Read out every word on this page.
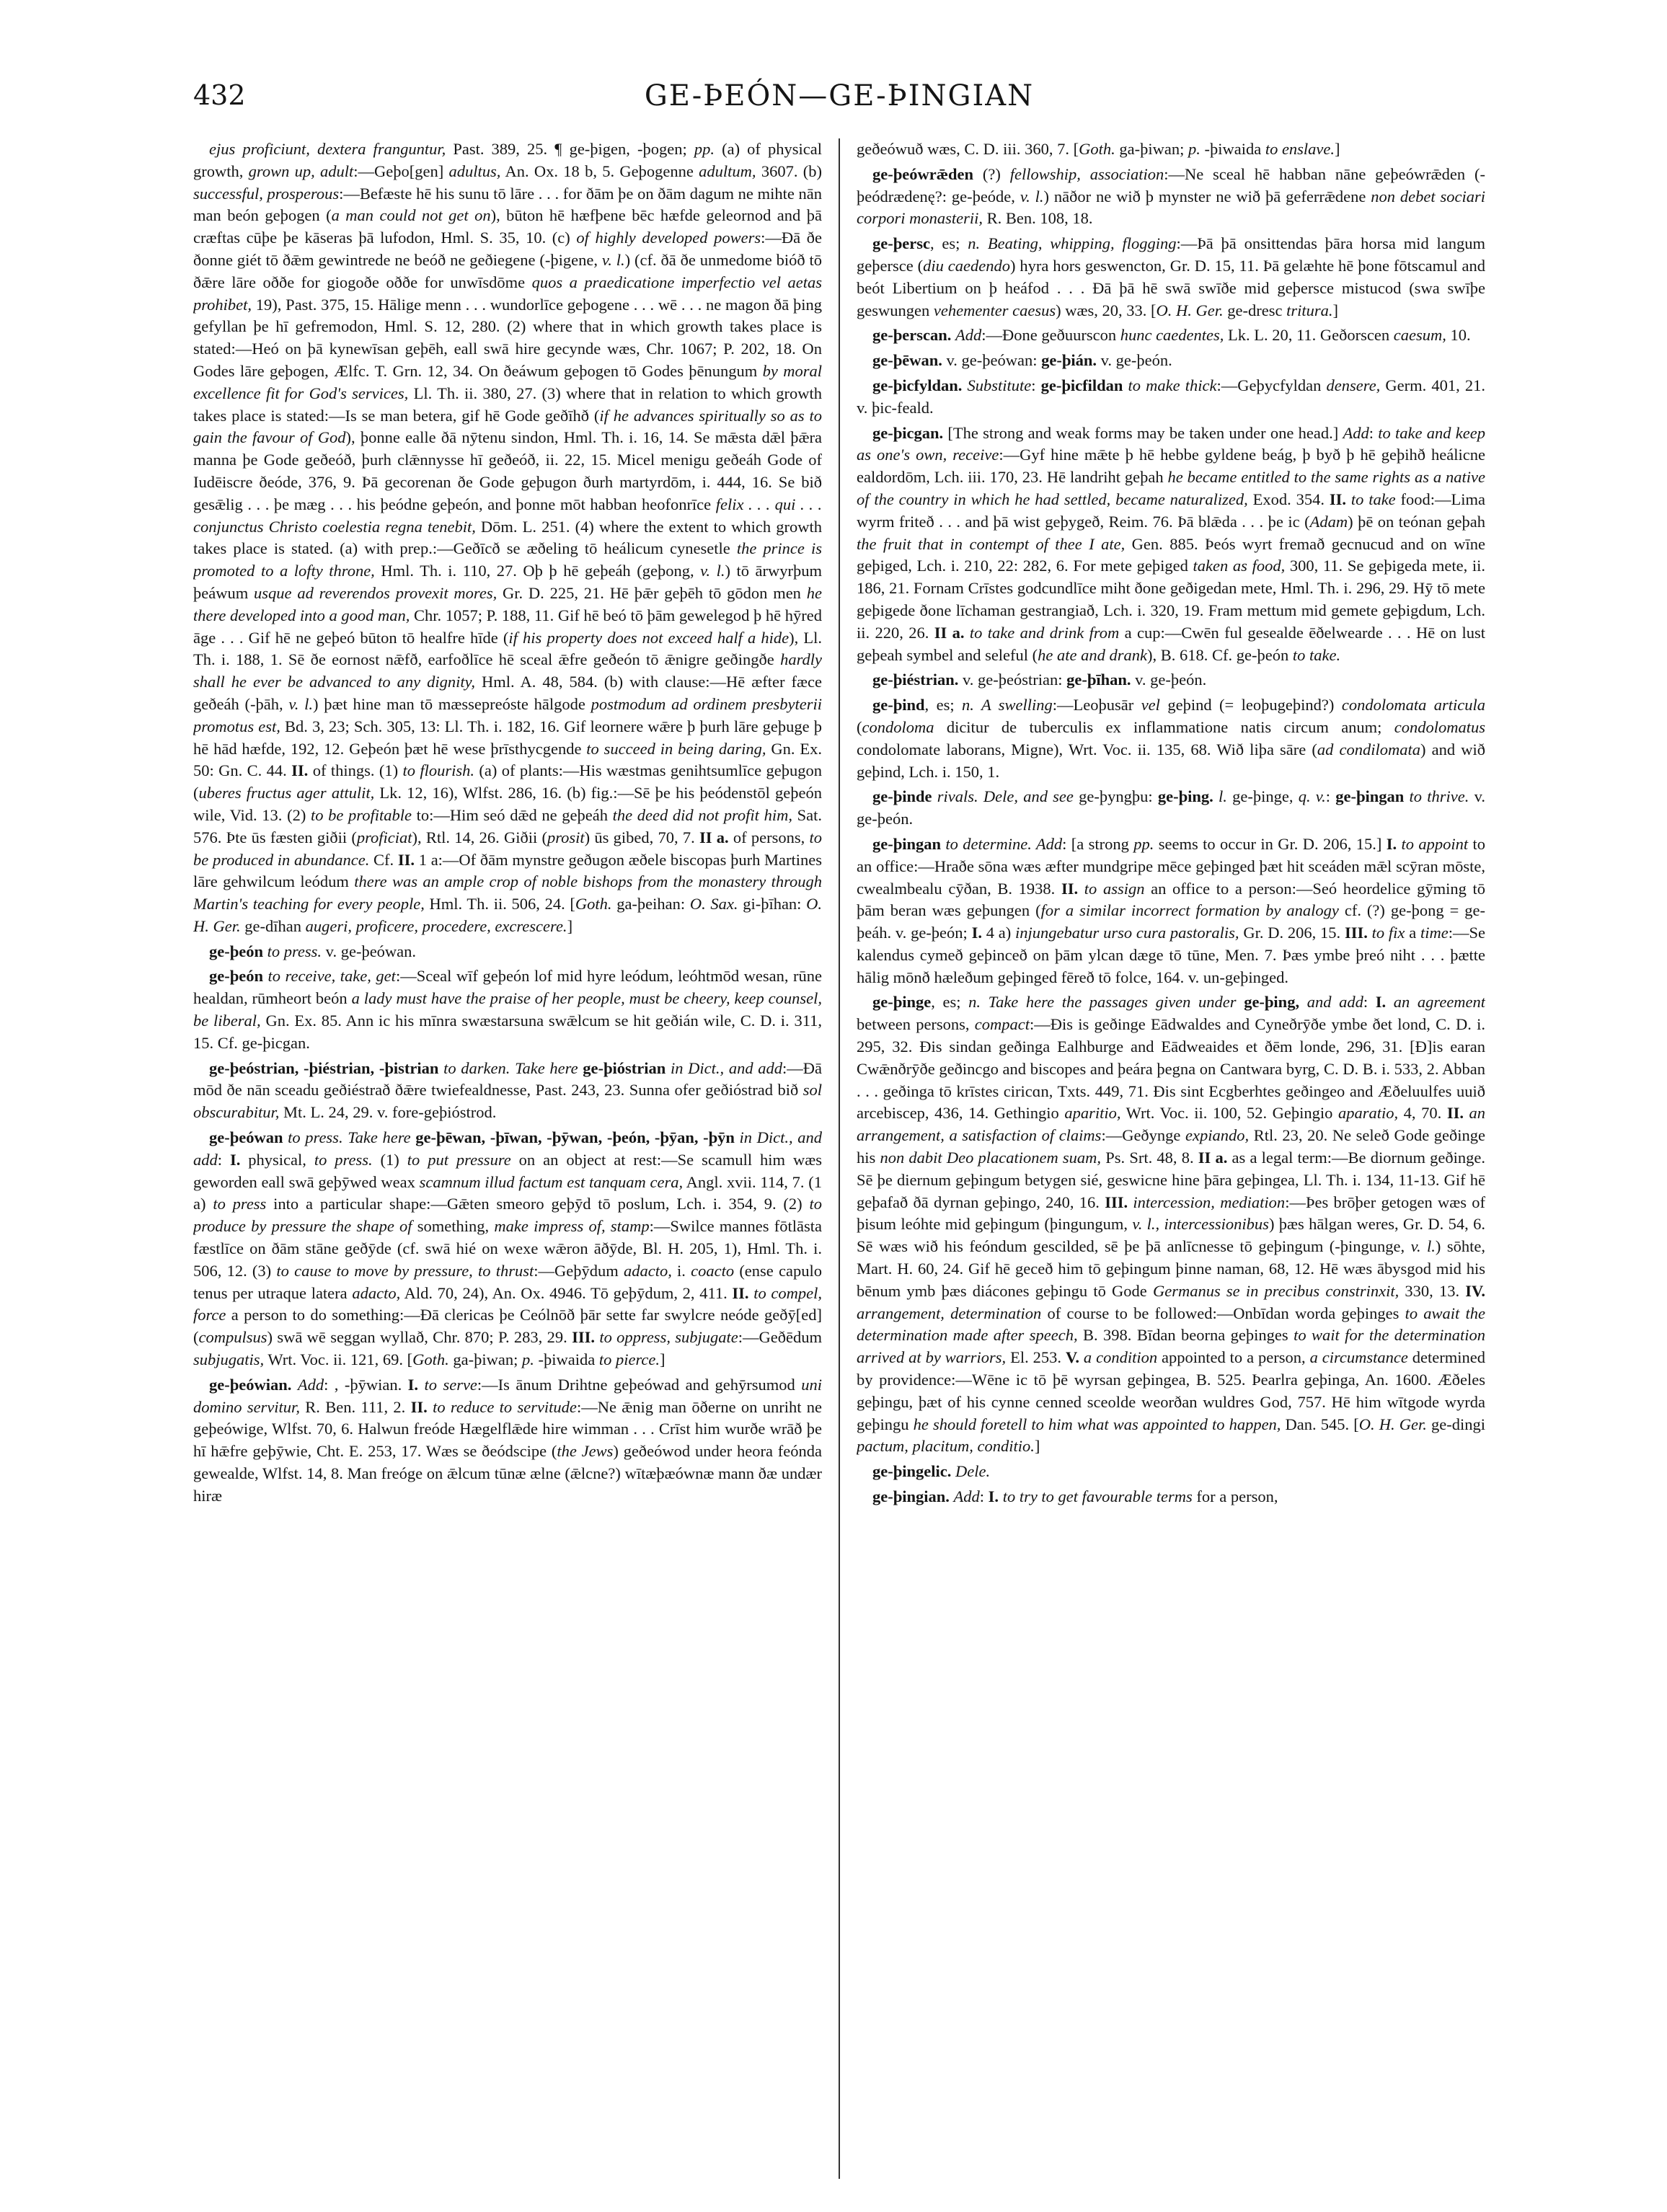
432	GE-ÞEÓN—GE-ÞINGIAN

ejus proficiunt, dextera franguntur, Past. 389, 25. ¶ ge-þigen, -þogen; pp. (a) of physical growth, grown up, adult:—Geþo[gen] adultus, An. Ox. 18 b, 5. Geþogenne adultum, 3607. (b) successful, prosperous:—Befæste hē his sunu tō lāre . . . for ðām þe on ðām dagum ne mihte nān man beón geþogen (a man could not get on), būton hē hæfþene bēc hæfde geleornod and þā cræftas cūþe þe kāseras þā lufodon, Hml. S. 35, 10. (c) of highly developed powers:—Ðā ðe ðonne giét tō ðǣm gewintrede ne beóð ne geðiegene (-þigene, v. l.) (cf. ðā ðe unmedome bióð tō ðǣre lāre oððe for giogoðe oððe for unwīsdōme quos a praedicatione imperfectio vel aetas prohibet, 19), Past. 375, 15. Hālige menn . . . wundorlīce geþogene . . . wē . . . ne magon ðā þing gefyllan þe hī gefremodon, Hml. S. 12, 280. (2) where that in which growth takes place is stated:—Heó on þā kynewīsan geþēh, eall swā hire gecynde wæs, Chr. 1067; P. 202, 18. On Godes lāre geþogen, Ælfc. T. Grn. 12, 34. On ðeáwum geþogen tō Godes þēnungum by moral excellence fit for God's services, Ll. Th. ii. 380, 27. (3) where that in relation to which growth takes place is stated:—Is se man betera, gif hē Gode geðīhð (if he advances spiritually so as to gain the favour of God), þonne ealle ðā nȳtenu sindon, Hml. Th. i. 16, 14. Se mǣsta dǣl þǣra manna þe Gode geðeóð, þurh clǣnnysse hī geðeóð, ii. 22, 15. Micel menigu geðeáh Gode of Iudēiscre ðeóde, 376, 9. Þā gecorenan ðe Gode geþugon ðurh martyrdōm, i. 444, 16. Se bið gesǣlig . . . þe mæg . . . his þeódne geþeón, and þonne mōt habban heofonrīce felix . . . qui . . . conjunctus Christo coelestia regna tenebit, Dōm. L. 251. (4) where the extent to which growth takes place is stated. (a) with prep.:—Geðīcð se æðeling tō heálicum cynesetle the prince is promoted to a lofty throne, Hml. Th. i. 110, 27. Oþ þ hē geþeáh (geþong, v. l.) tō ārwyrþum þeáwum usque ad reverendos provexit mores, Gr. D. 225, 21. Hē þǣr geþēh tō gōdon men he there developed into a good man, Chr. 1057; P. 188, 11. Gif hē beó tō þām gewelegod þ hē hȳred āge . . . Gif hē ne geþeó būton tō healfre hīde (if his property does not exceed half a hide), Ll. Th. i. 188, 1. Sē ðe eornost nǣfð, earfoðlīce hē sceal ǣfre geðeón tō ǣnigre geðingðe hardly shall he ever be advanced to any dignity, Hml. A. 48, 584. (b) with clause:—Hē æfter fæce geðeáh (-þāh, v. l.) þæt hine man tō mæssepreóste hālgode postmodum ad ordinem presbyterii promotus est, Bd. 3, 23; Sch. 305, 13: Ll. Th. i. 182, 16. Gif leornere wǣre þ þurh lāre geþuge þ hē hād hæfde, 192, 12. Geþeón þæt hē wese þrīsthycgende to succeed in being daring, Gn. Ex. 50: Gn. C. 44. II. of things. (1) to flourish. (a) of plants:—His wæstmas genihtsumlīce geþugon (uberes fructus ager attulit, Lk. 12, 16), Wlfst. 286, 16. (b) fig.:—Sē þe his þeódenstōl geþeón wile, Vid. 13. (2) to be profitable to:—Him seó dǣd ne geþeáh the deed did not profit him, Sat. 576. Þte ūs fæsten giðii (proficiat), Rtl. 14, 26. Giðii (prosit) ūs gibed, 70, 7. II a. of persons, to be produced in abundance. Cf. II. 1 a:—Of ðām mynstre geðugon æðele biscopas þurh Martines lāre gehwilcum leódum there was an ample crop of noble bishops from the monastery through Martin's teaching for every people, Hml. Th. ii. 506, 24. [Goth. ga-þeihan: O. Sax. gi-þīhan: O. H. Ger. ge-dīhan augeri, proficere, procedere, excrescere.]

ge-þeón to press. v. ge-þeówan.

ge-þeón to receive, take, get:—Sceal wīf geþeón lof mid hyre leódum, leóhtmōd wesan, rūne healdan, rūmheort beón a lady must have the praise of her people, must be cheery, keep counsel, be liberal, Gn. Ex. 85. Ann ic his mīnra swæstarsuna swǣlcum se hit geðián wile, C. D. i. 311, 15. Cf. ge-þicgan.

ge-þeóstrian, -þiéstrian, -þistrian to darken. Take here ge-þióstrian in Dict., and add:—Ðā mōd ðe nān sceadu geðiéstrað ðǣre twiefealdnesse, Past. 243, 23. Sunna ofer geðióstrad bið sol obscurabitur, Mt. L. 24, 29. v. fore-geþióstrod.

ge-þeówan to press. Take here ge-þēwan, -þīwan, -þȳwan, -þeón, -þȳan, -þȳn in Dict., and add: I. physical, to press. (1) to put pressure on an object at rest:—Se scamull him wæs geworden eall swā geþȳwed weax scamnum illud factum est tanquam cera, Angl. xvii. 114, 7. (1 a) to press into a particular shape:—Gǣten smeoro geþȳd tō poslum, Lch. i. 354, 9. (2) to produce by pressure the shape of something, make impress of, stamp:—Swilce mannes fōtlāsta fæstlīce on ðām stāne geðȳde (cf. swā hié on wexe wǣron āðȳde, Bl. H. 205, 1), Hml. Th. i. 506, 12. (3) to cause to move by pressure, to thrust:—Geþȳdum adacto, i. coacto (ense capulo tenus per utraque latera adacto, Ald. 70, 24), An. Ox. 4946. Tō geþȳdum, 2, 411. II. to compel, force a person to do something:—Ðā clericas þe Ceólnōð þār sette far swylcre neóde geðȳ[ed] (compulsus) swā wē seggan wyllað, Chr. 870; P. 283, 29. III. to oppress, subjugate:—Geðēdum subjugatis, Wrt. Voc. ii. 121, 69. [Goth. ga-þiwan; p. -þiwaida to pierce.]

ge-þeówian. Add: , -þȳwian. I. to serve:—Is ānum Drihtne geþeówad and gehȳrsumod uni domino servitur, R. Ben. 111, 2. II. to reduce to servitude:—Ne ǣnig man ōðerne on unriht ne geþeówige, Wlfst. 70, 6. Halwun freóde Hægelflǣde hire wimman . . . Crīst him wurðe wrāð þe hī hǣfre geþȳwie, Cht. E. 253, 17. Wæs se ðeódscipe (the Jews) geðeówod under heora feónda gewealde, Wlfst. 14, 8. Man freóge on ǣlcum tūnæ ælne (ǣlcne?) wītæþæównæ mann ðæ undær hiræ

geðeówuð wæs, C. D. iii. 360, 7. [Goth. ga-þiwan; p. -þiwaida to enslave.]

ge-þeówrǣden (?) fellowship, association:—Ne sceal hē habban nāne geþeówrǣden (-þeódrædenę?: ge-þeóde, v. l.) nāðor ne wið þ mynster ne wið þā geferrǣdene non debet sociari corpori monasterii, R. Ben. 108, 18.

ge-þersc, es; n. Beating, whipping, flogging:—Þā þā onsittendas þāra horsa mid langum geþersce (diu caedendo) hyra hors geswencton, Gr. D. 15, 11. Þā gelæhte hē þone fōtscamul and beót Libertium on þ heáfod . . . Ðā þā hē swā swīðe mid geþersce mistucod (swa swīþe geswungen vehementer caesus) wæs, 20, 33. [O. H. Ger. ge-dresc tritura.]

ge-þerscan. Add:—Ðone geðuurscon hunc caedentes, Lk. L. 20, 11. Geðorscen caesum, 10.

ge-þēwan. v. ge-þeówan: ge-þián. v. ge-þeón.

ge-þicfyldan. Substitute: ge-þicfildan to make thick:—Geþycfyldan densere, Germ. 401, 21. v. þic-feald.

ge-þicgan. [The strong and weak forms may be taken under one head.] Add: to take and keep as one's own, receive:—Gyf hine mǣte þ hē hebbe gyldene beág, þ byð þ hē geþihð heálicne ealdordōm, Lch. iii. 170, 23. Hē landriht geþah he became entitled to the same rights as a native of the country in which he had settled, became naturalized, Exod. 354. II. to take food:—Lima wyrm friteð . . . and þā wist geþygeð, Reim. 76. Þā blǣda . . . þe ic (Adam) þē on teónan geþah the fruit that in contempt of thee I ate, Gen. 885. Þeós wyrt fremað gecnucud and on wīne geþiged, Lch. i. 210, 22: 282, 6. For mete geþiged taken as food, 300, 11. Se geþigeda mete, ii. 186, 21. Fornam Crīstes godcundlīce miht ðone geðigedan mete, Hml. Th. i. 296, 29. Hȳ tō mete geþigede ðone līchaman gestrangiað, Lch. i. 320, 19. Fram mettum mid gemete geþigdum, Lch. ii. 220, 26. II a. to take and drink from a cup:—Cwēn ful gesealde ēðelwearde . . . Hē on lust geþeah symbel and seleful (he ate and drank), B. 618. Cf. ge-þeón to take.

ge-þiéstrian. v. ge-þeóstrian: ge-þīhan. v. ge-þeón.

ge-þind, es; n. A swelling:—Leoþusār vel geþind (= leoþugeþind?) condolomata articula (condoloma dicitur de tuberculis ex inflammatione natis circum anum; condolomatus condolomate laborans, Migne), Wrt. Voc. ii. 135, 68. Wið liþa sāre (ad condilomata) and wið geþind, Lch. i. 150, 1.

ge-þinde rivals. Dele, and see ge-þyngþu: ge-þing. l. ge-þinge, q. v.: ge-þingan to thrive. v. ge-þeón.

ge-þingan to determine. Add: [a strong pp. seems to occur in Gr. D. 206, 15.] I. to appoint to an office:—Hraðe sōna wæs æfter mundgripe mēce geþinged þæt hit sceáden mǣl scȳran mōste, cwealmbealu cȳðan, B. 1938. II. to assign an office to a person:—Seó heordelice gȳming tō þām beran wæs geþungen (for a similar incorrect formation by analogy cf. (?) ge-þong = ge-þeáh. v. ge-þeón; I. 4 a) injungebatur urso cura pastoralis, Gr. D. 206, 15. III. to fix a time:—Se kalendus cymeð geþinceð on þām ylcan dæge tō tūne, Men. 7. Þæs ymbe þreó niht . . . þætte hālig mōnð hæleðum geþinged fēreð tō folce, 164. v. un-geþinged.

ge-þinge, es; n. Take here the passages given under ge-þing, and add: I. an agreement between persons, compact:—Ðis is geðinge Eādwaldes and Cyneðrȳðe ymbe ðet lond, C. D. i. 295, 32. Ðis sindan geðinga Ealhburge and Eādweaides et ðēm londe, 296, 31. [Ð]is earan Cwǣnðrȳðe geðincgo and biscopes and þeára þegna on Cantwara byrg, C. D. B. i. 533, 2. Abban . . . geðinga tō krīstes ciricɑn, Txts. 449, 71. Ðis sint Ecgberhtes geðingeo and Æðeluulfes uuið arcebiscep, 436, 14. Gethingio aparitio, Wrt. Voc. ii. 100, 52. Geþingio aparatio, 4, 70. II. an arrangement, a satisfaction of claims:—Geðynge expiando, Rtl. 23, 20. Ne seleð Gode geðinge his non dabit Deo placationem suam, Ps. Srt. 48, 8. II a. as a legal term:—Be diornum geðinge. Sē þe diernum geþingum betygen sié, geswicne hine þāra geþingea, Ll. Th. i. 134, 11-13. Gif hē geþafað ðā dyrnan geþingo, 240, 16. III. intercession, mediation:—Þes brōþer getogen wæs of þisum leóhte mid geþingum (þingungum, v. l., intercessionibus) þæs hālgan weres, Gr. D. 54, 6. Sē wæs wið his feóndum gescilded, sē þe þā anlīcnesse tō geþingum (-þingunge, v. l.) sōhte, Mart. H. 60, 24. Gif hē geceð him tō geþingum þinne naman, 68, 12. Hē wæs ābysgod mid his bēnum ymb þæs diácones geþingu tō Gode Germanus se in precibus constrinxit, 330, 13. IV. arrangement, determination of course to be followed:—Onbīdan worda geþinges to await the determination made after speech, B. 398. Bīdan beorna geþinges to wait for the determination arrived at by warriors, El. 253. V. a condition appointed to a person, a circumstance determined by providence:—Wēne ic tō þē wyrsan geþingea, B. 525. Þearlra geþinga, An. 1600. Æðeles geþingu, þæt of his cynne cenned sceolde weorðan wuldres God, 757. Hē him wītgode wyrda geþingu he should foretell to him what was appointed to happen, Dan. 545. [O. H. Ger. ge-dingi pactum, placitum, conditio.]

ge-þingelic. Dele.

ge-þingian. Add: I. to try to get favourable terms for a person,
